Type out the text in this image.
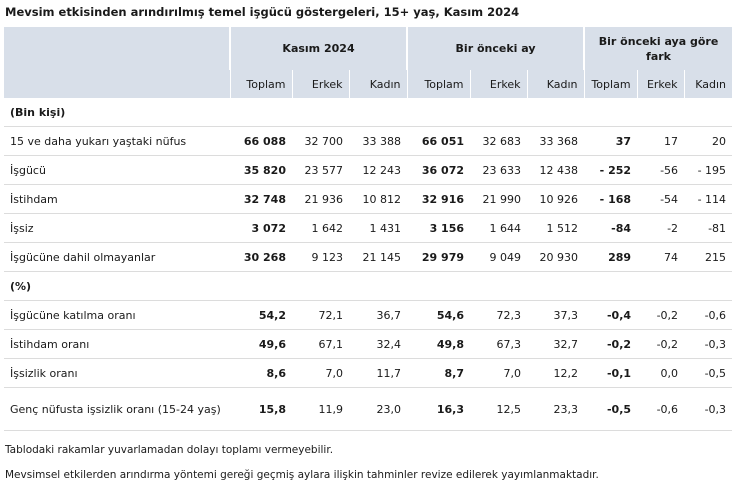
Mevsim etkisinden arındırılmış temel işgücü göstergeleri, 15+ yaş, Kasım 2024
	Kasım 2024			Bir önceki ay			Bir önceki aya göre fark		
	Toplam	Erkek	Kadın	Toplam	Erkek	Kadın	Toplam	Erkek	Kadın
(Bin kişi)									
15 ve daha yukarı yaştaki nüfus	66 088	32 700	33 388	66 051	32 683	33 368	37	17	20
İşgücü	35 820	23 577	12 243	36 072	23 633	12 438	- 252	-56	- 195
İstihdam	32 748	21 936	10 812	32 916	21 990	10 926	- 168	-54	- 114
İşsiz	3 072	1 642	1 431	3 156	1 644	1 512	-84	-2	-81
İşgücüne dahil olmayanlar	30 268	9 123	21 145	29 979	9 049	20 930	289	74	215
(%)									
İşgücüne katılma oranı	54,2	72,1	36,7	54,6	72,3	37,3	-0,4	-0,2	-0,6
İstihdam oranı	49,6	67,1	32,4	49,8	67,3	32,7	-0,2	-0,2	-0,3
İşsizlik oranı	8,6	7,0	11,7	8,7	7,0	12,2	-0,1	0,0	-0,5
Genç nüfusta işsizlik oranı (15-24 yaş)	15,8	11,9	23,0	16,3	12,5	23,3	-0,5	-0,6	-0,3
Tablodaki rakamlar yuvarlamadan dolayı toplamı vermeyebilir.
Mevsimsel etkilerden arındırma yöntemi gereği geçmiş aylara ilişkin tahminler revize edilerek yayımlanmaktadır.
